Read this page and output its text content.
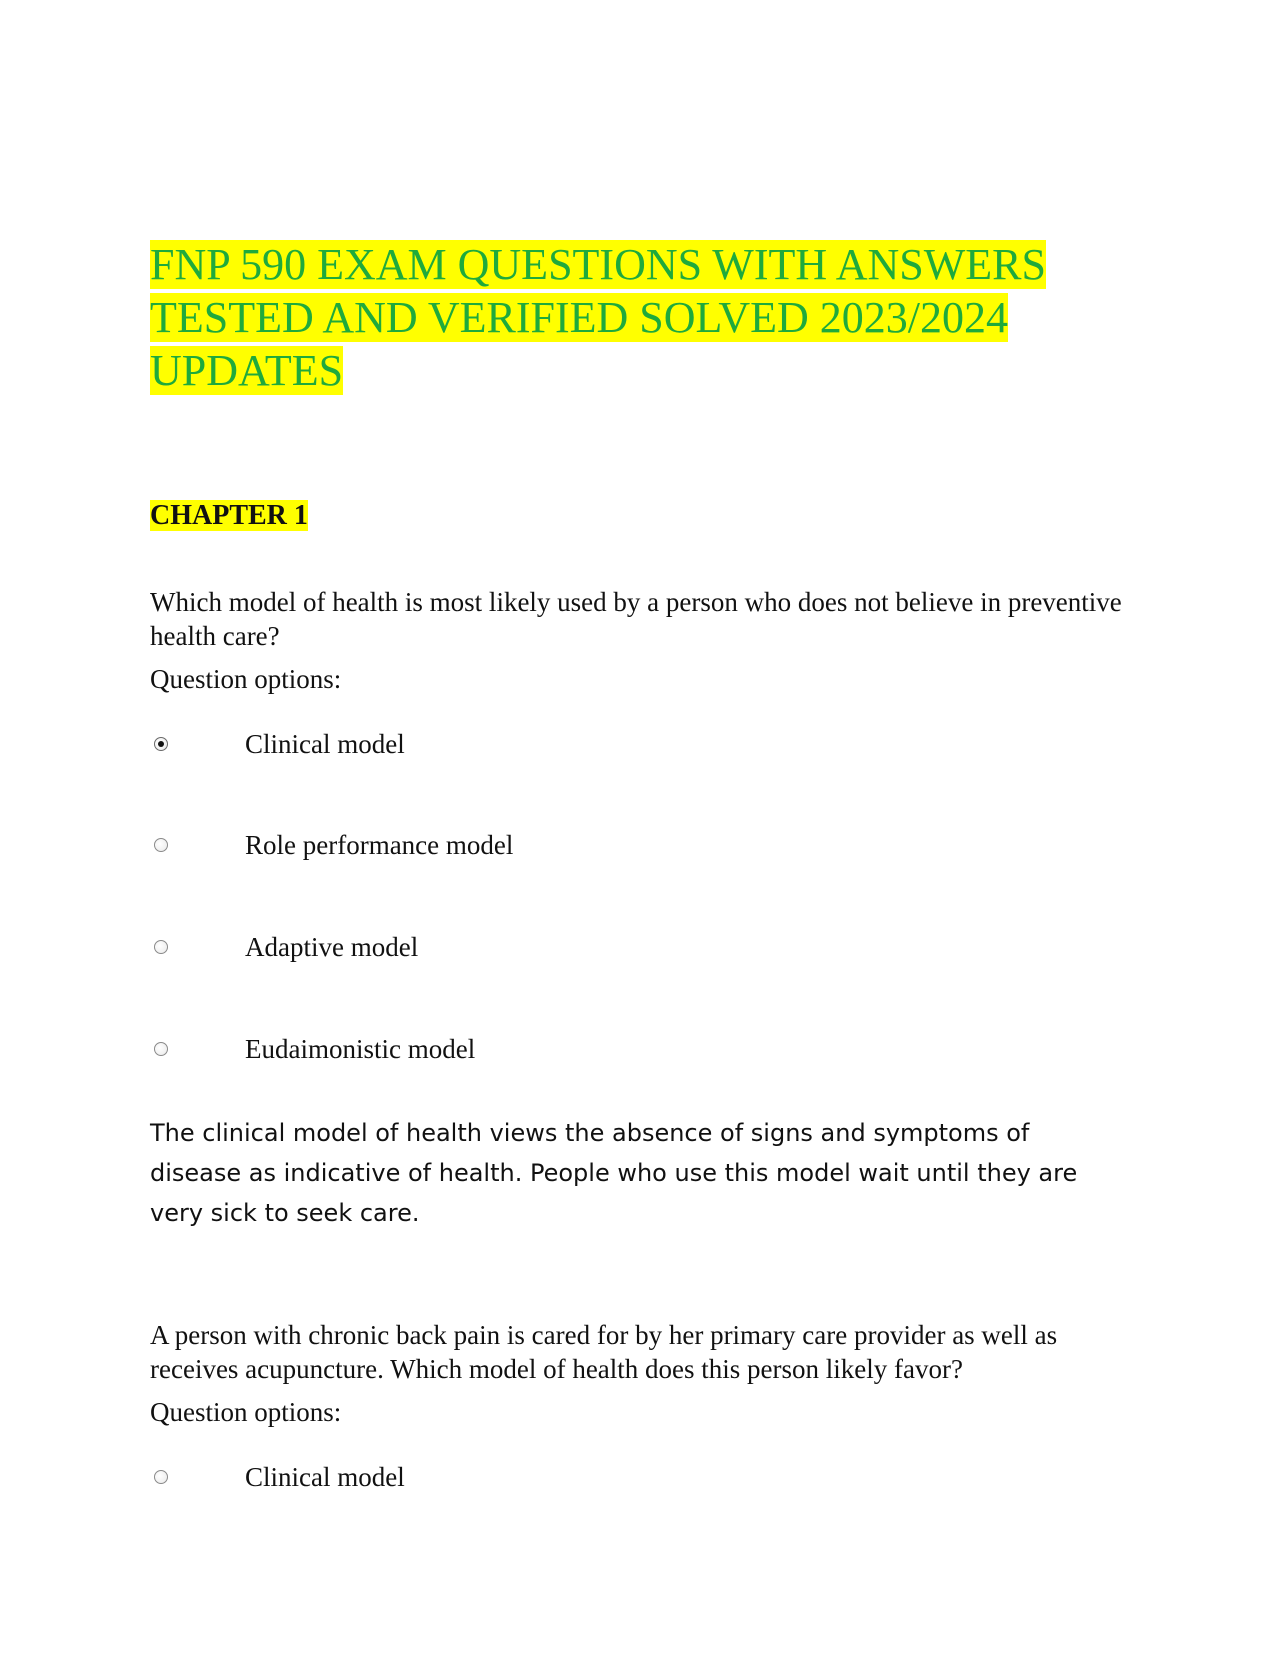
FNP 590 EXAM QUESTIONS WITH ANSWERS TESTED AND VERIFIED SOLVED 2023/2024 UPDATES
CHAPTER 1

Which model of health is most likely used by a person who does not believe in preventive health care?

Question options:

Clinical model
Role performance model
Adaptive model
Eudaimonistic model

The clinical model of health views the absence of signs and symptoms of disease as indicative of health. People who use this model wait until they are very sick to seek care.

A person with chronic back pain is cared for by her primary care provider as well as receives acupuncture. Which model of health does this person likely favor?

Question options:

Clinical model
